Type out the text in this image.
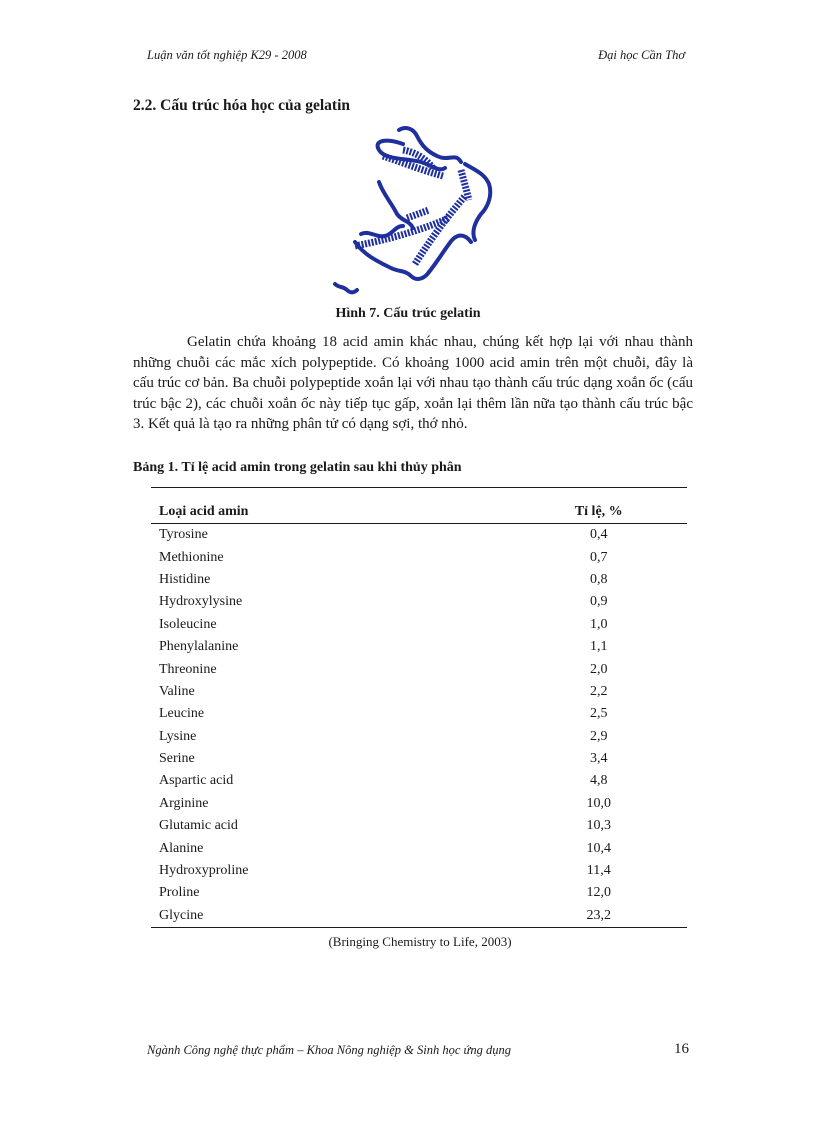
Luận văn tốt nghiệp K29 - 2008	Đại học Cần Thơ
2.2. Cấu trúc hóa học của gelatin
Hình 7. Cấu trúc gelatin

Gelatin chứa khoảng 18 acid amin khác nhau, chúng kết hợp lại với nhau thành những chuỗi các mắc xích polypeptide. Có khoảng 1000 acid amin trên một chuỗi, đây là cấu trúc cơ bản. Ba chuỗi polypeptide xoắn lại với nhau tạo thành cấu trúc dạng xoắn ốc (cấu trúc bậc 2), các chuỗi xoắn ốc này tiếp tục gấp, xoắn lại thêm lần nữa tạo thành cấu trúc bậc 3. Kết quả là tạo ra những phân tử có dạng sợi, thớ nhỏ.

Bảng 1. Tỉ lệ acid amin trong gelatin sau khi thủy phân
Loại acid amin	Tỉ lệ, %
Tyrosine	0,4
Methionine	0,7
Histidine	0,8
Hydroxylysine	0,9
Isoleucine	1,0
Phenylalanine	1,1
Threonine	2,0
Valine	2,2
Leucine	2,5
Lysine	2,9
Serine	3,4
Aspartic acid	4,8
Arginine	10,0
Glutamic acid	10,3
Alanine	10,4
Hydroxyproline	11,4
Proline	12,0
Glycine	23,2
(Bringing Chemistry to Life, 2003)
Ngành Công nghệ thực phẩm – Khoa Nông nghiệp & Sinh học ứng dụng	16
